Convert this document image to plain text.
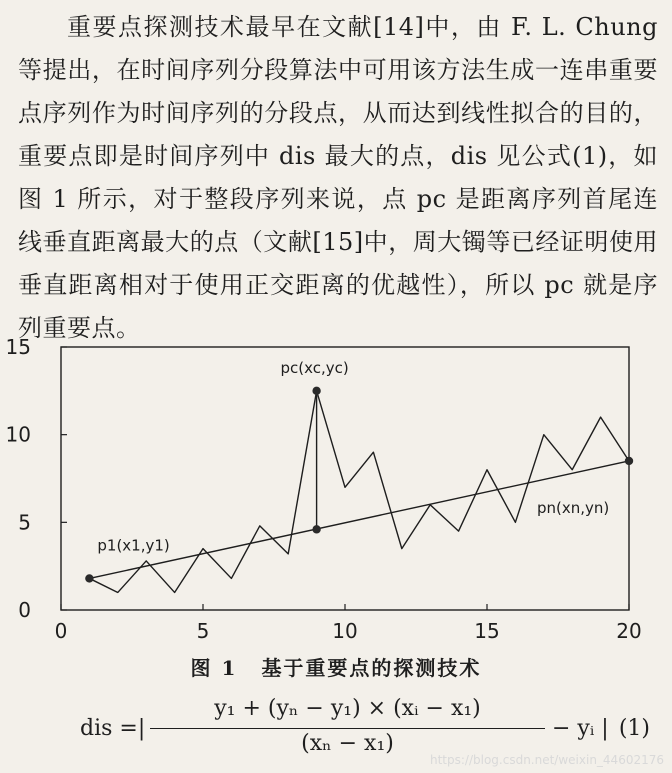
重要点探测技术最早在文献[14]中，由 F. L. Chung 等提出，在时间序列分段算法中可用该方法生成一连串重要点序列作为时间序列的分段点，从而达到线性拟合的目的，重要点即是时间序列中 dis 最大的点，dis 见公式(1)，如图 1 所示，对于整段序列来说，点 pc 是距离序列首尾连线垂直距离最大的点（文献[15]中，周大镯等已经证明使用垂直距离相对于使用正交距离的优越性），所以 pc 就是序列重要点。

0	5	10	15	20
0
5
10
15
p1(x1,y1)
pc(xc,yc)
pn(xn,yn)
图 1 基于重要点的探测技术
dis =|
y₁ + (yₙ − y₁) × (xᵢ − x₁)
(xₙ − x₁)
− yᵢ | (1)
https://blog.csdn.net/weixin_44602176
